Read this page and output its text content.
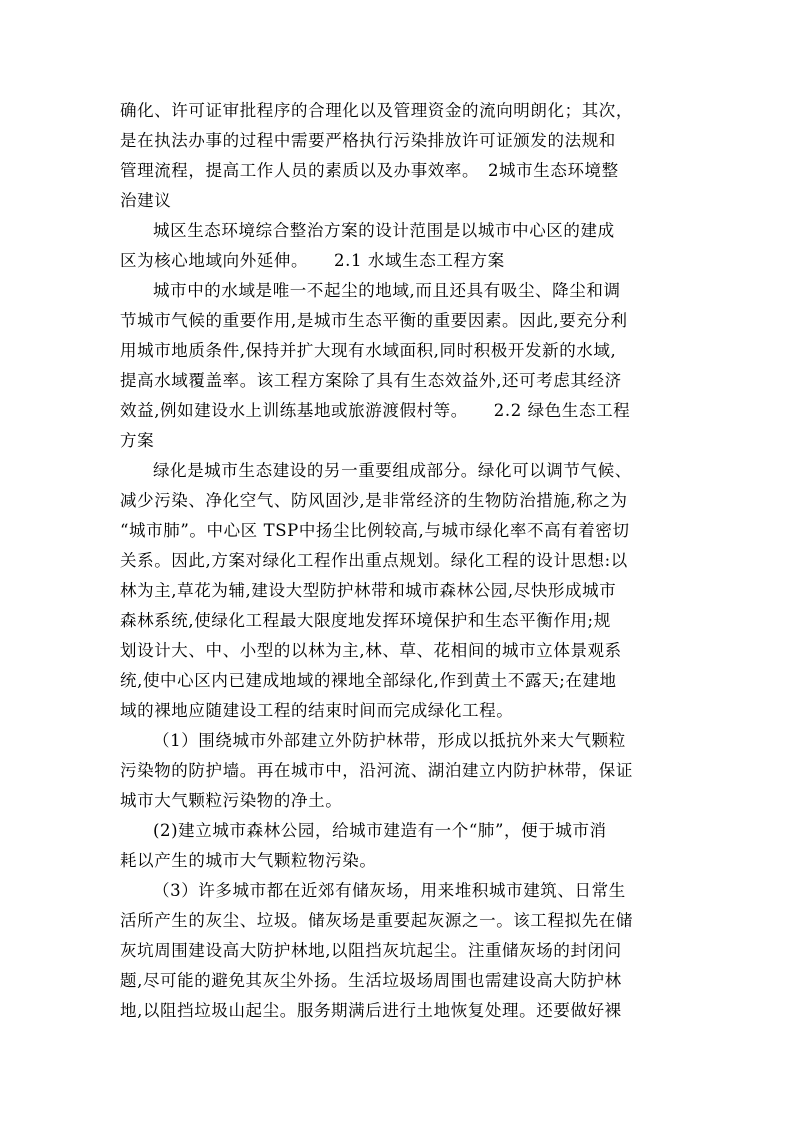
确化、许可证审批程序的合理化以及管理资金的流向明朗化；其次，
是在执法办事的过程中需要严格执行污染排放许可证颁发的法规和
管理流程，提高工作人员的素质以及办事效率。　2城市生态环境整
治建议
城区生态环境综合整治方案的设计范围是以城市中心区的建成
区为核心地域向外延伸。　　2.1 水域生态工程方案
城市中的水域是唯一不起尘的地域,而且还具有吸尘、降尘和调
节城市气候的重要作用,是城市生态平衡的重要因素。因此,要充分利
用城市地质条件,保持并扩大现有水域面积,同时积极开发新的水域,
提高水域覆盖率。该工程方案除了具有生态效益外,还可考虑其经济
效益,例如建设水上训练基地或旅游渡假村等。　　2.2 绿色生态工程
方案
绿化是城市生态建设的另一重要组成部分。绿化可以调节气候、
减少污染、净化空气、防风固沙,是非常经济的生物防治措施,称之为
“城市肺”。中心区 TSP中扬尘比例较高,与城市绿化率不高有着密切
关系。因此,方案对绿化工程作出重点规划。绿化工程的设计思想:以
林为主,草花为辅,建设大型防护林带和城市森林公园,尽快形成城市
森林系统,使绿化工程最大限度地发挥环境保护和生态平衡作用;规
划设计大、中、小型的以林为主,林、草、花相间的城市立体景观系
统,使中心区内已建成地域的裸地全部绿化,作到黄土不露天;在建地
域的裸地应随建设工程的结束时间而完成绿化工程。
（1）围绕城市外部建立外防护林带，形成以抵抗外来大气颗粒
污染物的防护墙。再在城市中，沿河流、湖泊建立内防护林带，保证
城市大气颗粒污染物的净土。
(2)建立城市森林公园，给城市建造有一个“肺”，便于城市消
耗以产生的城市大气颗粒物污染。
（3）许多城市都在近郊有储灰场，用来堆积城市建筑、日常生
活所产生的灰尘、垃圾。储灰场是重要起灰源之一。该工程拟先在储
灰坑周围建设高大防护林地,以阻挡灰坑起尘。注重储灰场的封闭问
题,尽可能的避免其灰尘外扬。生活垃圾场周围也需建设高大防护林
地,以阻挡垃圾山起尘。服务期满后进行土地恢复处理。还要做好裸
